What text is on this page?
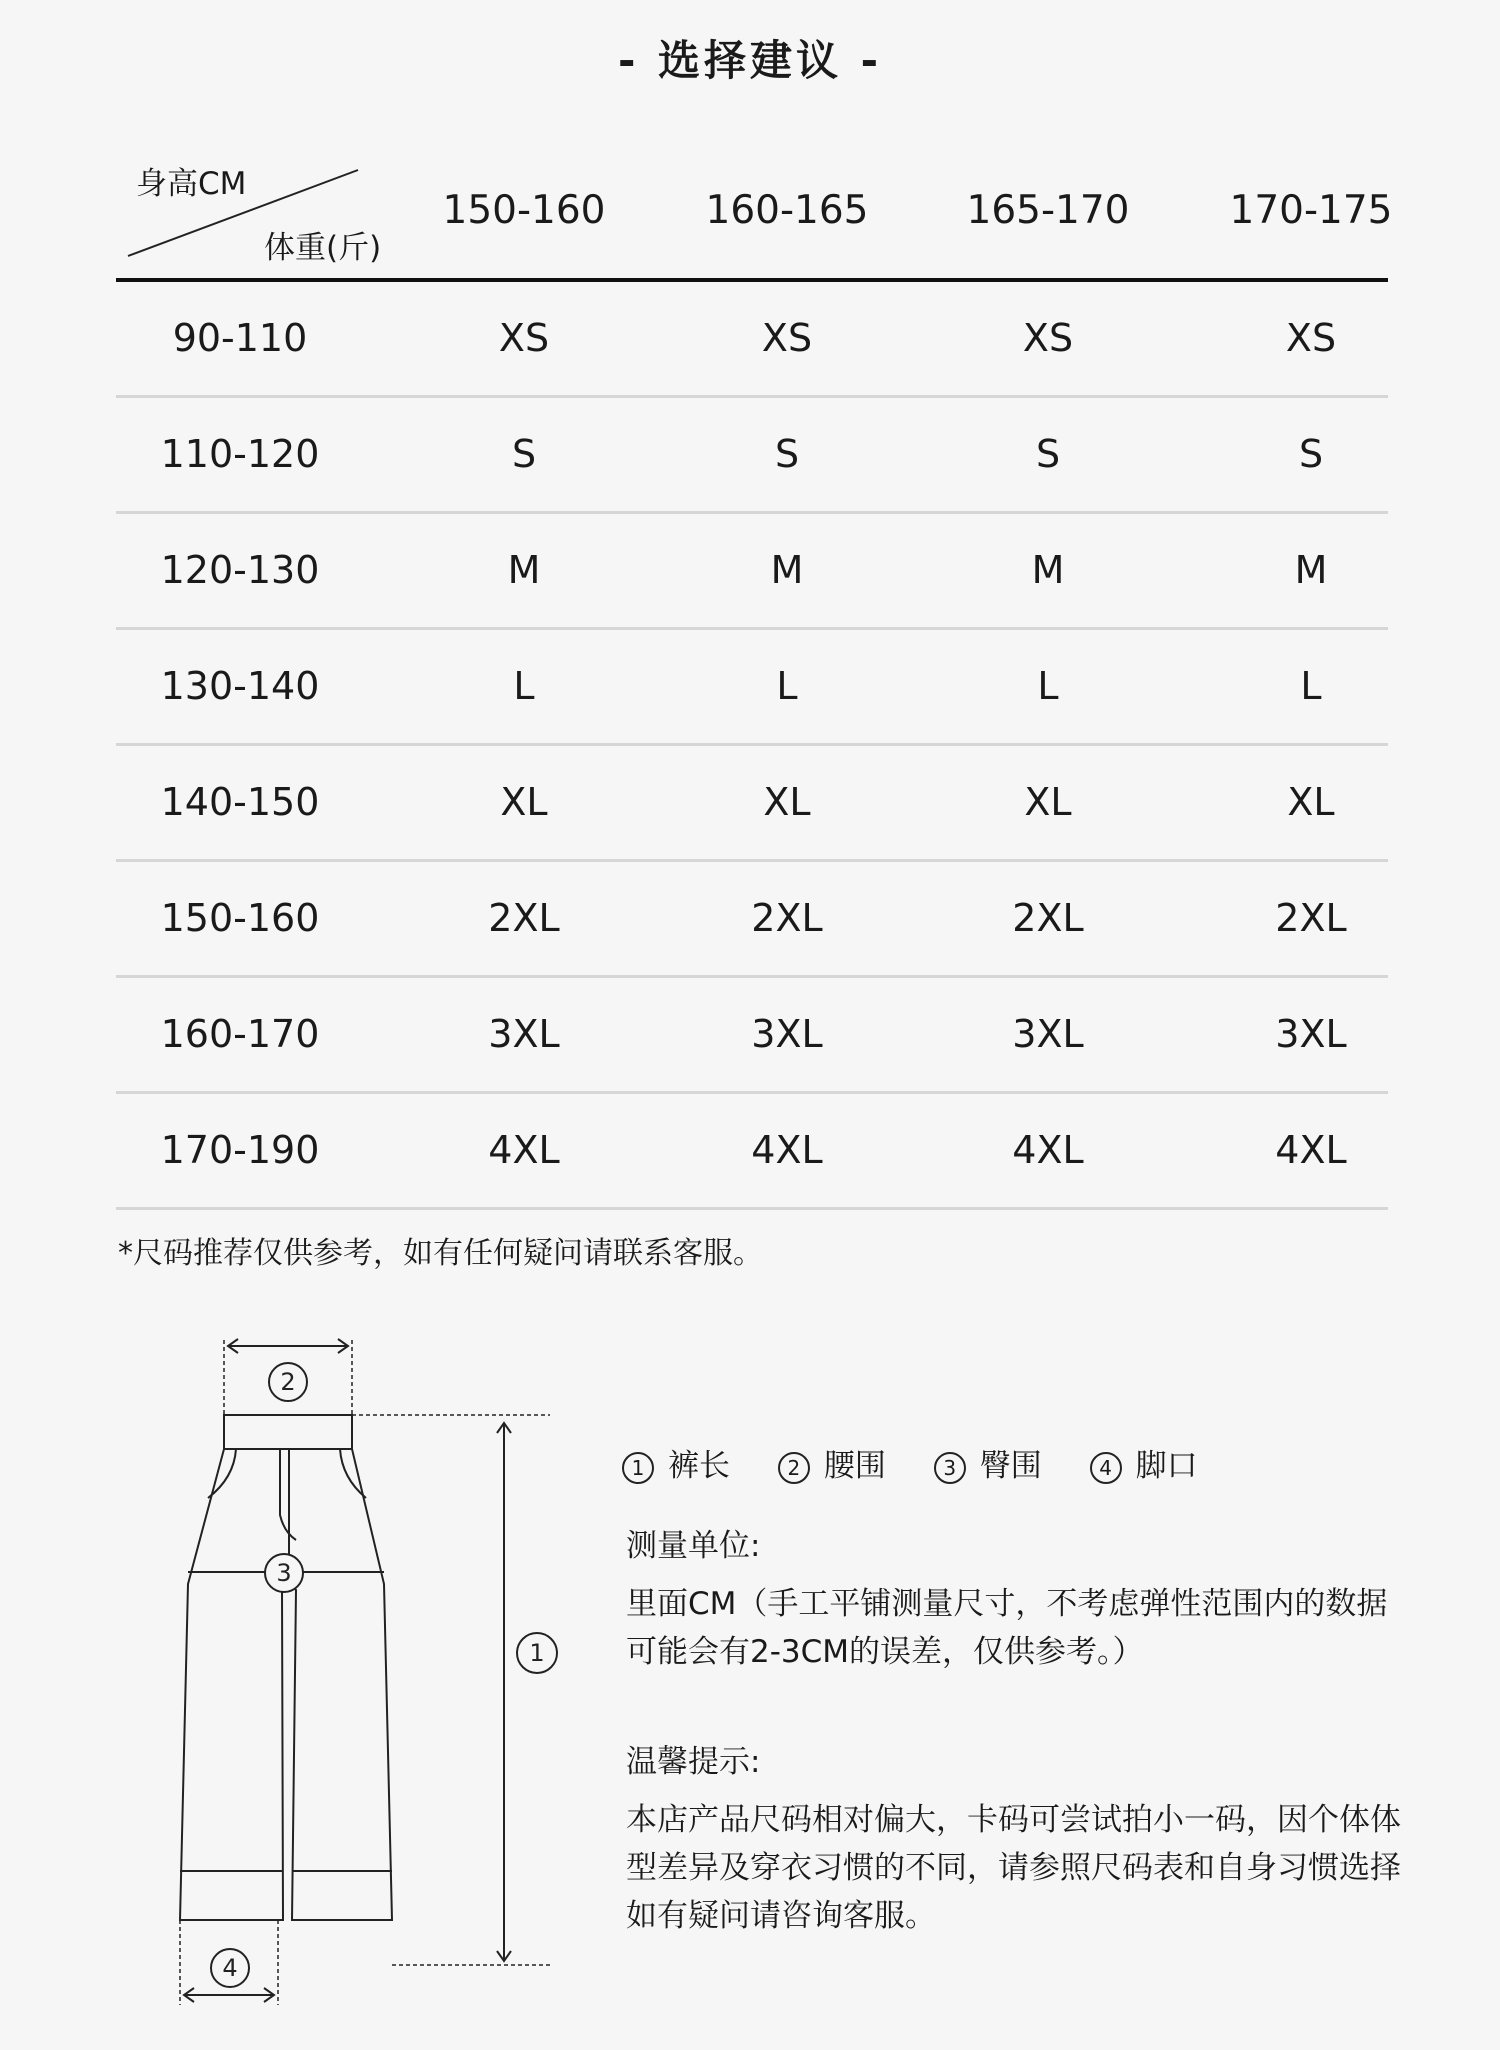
- 选择建议 -
身高CM
体重(斤)
150-160	160-165	165-170	170-175
90-110	XS	XS	XS	XS
110-120	S	S	S	S
120-130	M	M	M	M
130-140	L	L	L	L
140-150	XL	XL	XL	XL
150-160	2XL	2XL	2XL	2XL
160-170	3XL	3XL	3XL	3XL
170-190	4XL	4XL	4XL	4XL
*尺码推荐仅供参考，如有任何疑问请联系客服。
2
3
1
4
1 裤长	2 腰围	3 臀围	4 脚口
测量单位:
里面CM（手工平铺测量尺寸，不考虑弹性范围内的数据
可能会有2-3CM的误差，仅供参考。）
温馨提示:
本店产品尺码相对偏大，卡码可尝试拍小一码，因个体体
型差异及穿衣习惯的不同，请参照尺码表和自身习惯选择
如有疑问请咨询客服。
